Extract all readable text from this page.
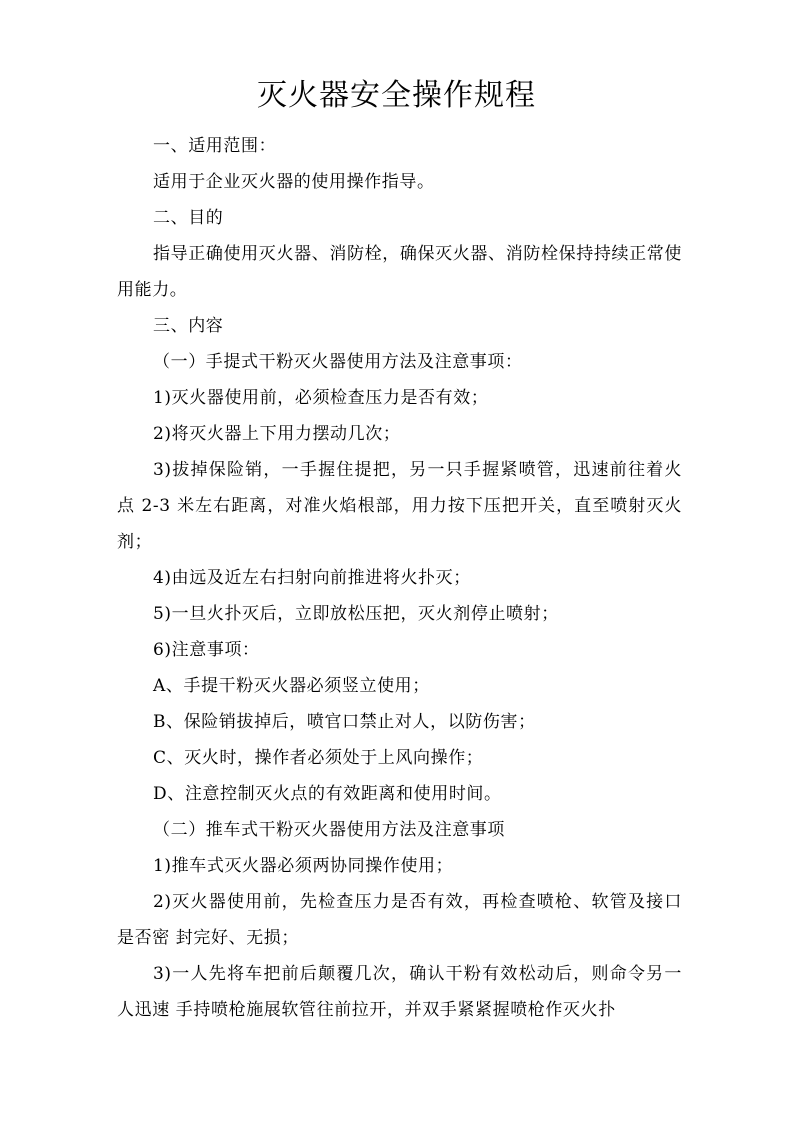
灭火器安全操作规程

一、适用范围：

适用于企业灭火器的使用操作指导。

二、目的

指导正确使用灭火器、消防栓，确保灭火器、消防栓保持持续正常使用能力。

三、内容

（一）手提式干粉灭火器使用方法及注意事项：

1)灭火器使用前，必须检查压力是否有效；

2)将灭火器上下用力摆动几次；

3)拔掉保险销，一手握住提把，另一只手握紧喷管，迅速前往着火点 2-3 米左右距离，对准火焰根部，用力按下压把开关，直至喷射灭火剂；

4)由远及近左右扫射向前推进将火扑灭；

5)一旦火扑灭后，立即放松压把，灭火剂停止喷射；

6)注意事项：

A、手提干粉灭火器必须竖立使用；

B、保险销拔掉后，喷官口禁止对人，以防伤害；

C、灭火时，操作者必须处于上风向操作；

D、注意控制灭火点的有效距离和使用时间。

（二）推车式干粉灭火器使用方法及注意事项

1)推车式灭火器必须两协同操作使用；

2)灭火器使用前，先检查压力是否有效，再检查喷枪、软管及接口是否密 封完好、无损；

3)一人先将车把前后颠覆几次，确认干粉有效松动后，则命令另一人迅速 手持喷枪施展软管往前拉开，并双手紧紧握喷枪作灭火扑
